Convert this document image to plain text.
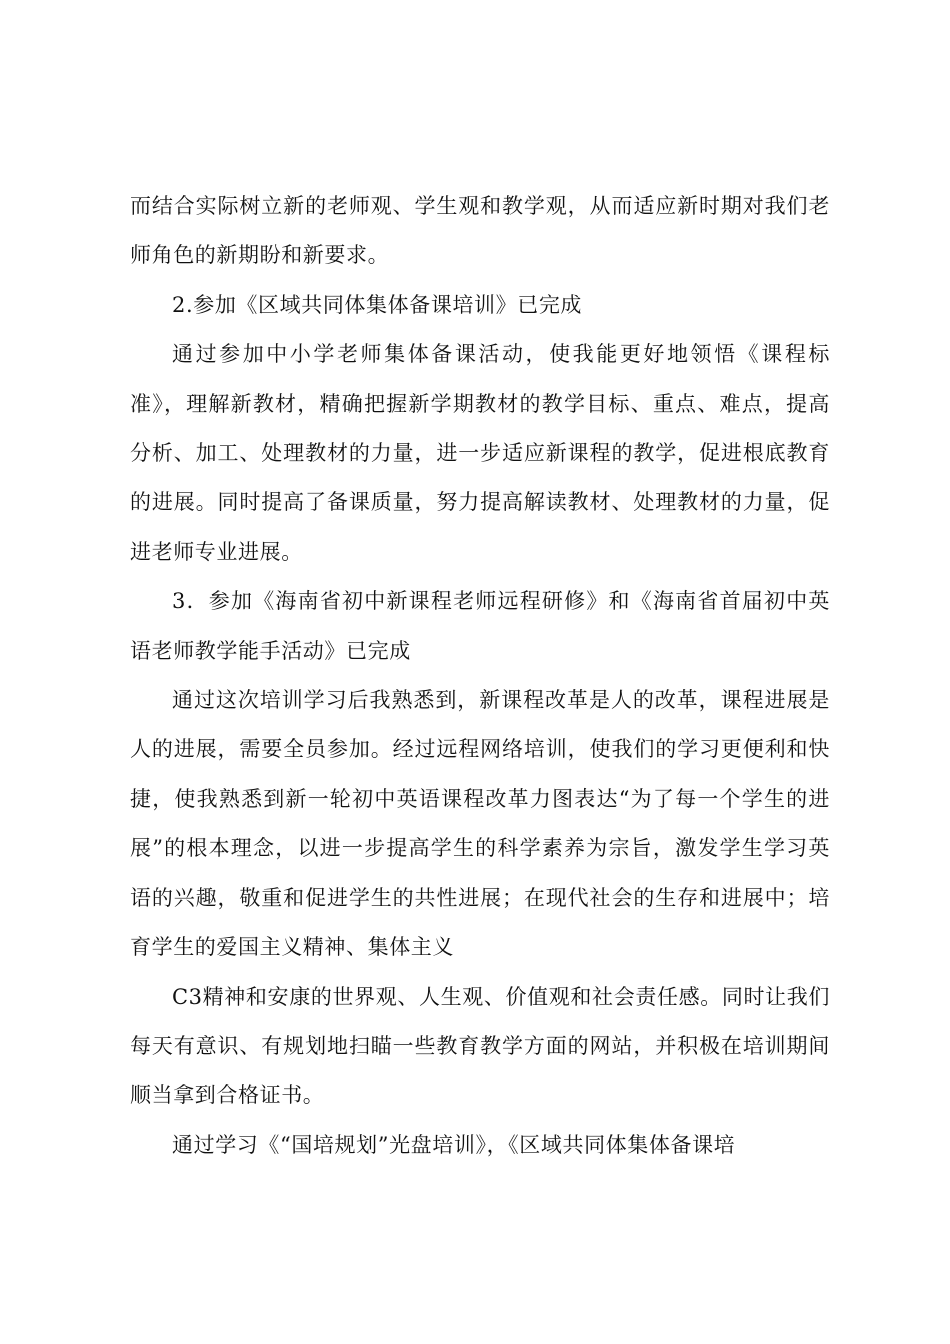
而结合实际树立新的老师观、学生观和教学观，从而适应新时期对我们老师角色的新期盼和新要求。

2.参加《区域共同体集体备课培训》已完成

通过参加中小学老师集体备课活动，使我能更好地领悟《课程标准》，理解新教材，精确把握新学期教材的教学目标、重点、难点，提高分析、加工、处理教材的力量，进一步适应新课程的教学，促进根底教育的进展。同时提高了备课质量，努力提高解读教材、处理教材的力量，促进老师专业进展。

3．参加《海南省初中新课程老师远程研修》和《海南省首届初中英语老师教学能手活动》已完成

通过这次培训学习后我熟悉到，新课程改革是人的改革，课程进展是人的进展，需要全员参加。经过远程网络培训，使我们的学习更便利和快捷，使我熟悉到新一轮初中英语课程改革力图表达“为了每一个学生的进展”的根本理念，以进一步提高学生的科学素养为宗旨，激发学生学习英语的兴趣，敬重和促进学生的共性进展；在现代社会的生存和进展中；培育学生的爱国主义精神、集体主义

C3精神和安康的世界观、人生观、价值观和社会责任感。同时让我们每天有意识、有规划地扫瞄一些教育教学方面的网站，并积极在培训期间顺当拿到合格证书。

通过学习《“国培规划”光盘培训》，《区域共同体集体备课培
